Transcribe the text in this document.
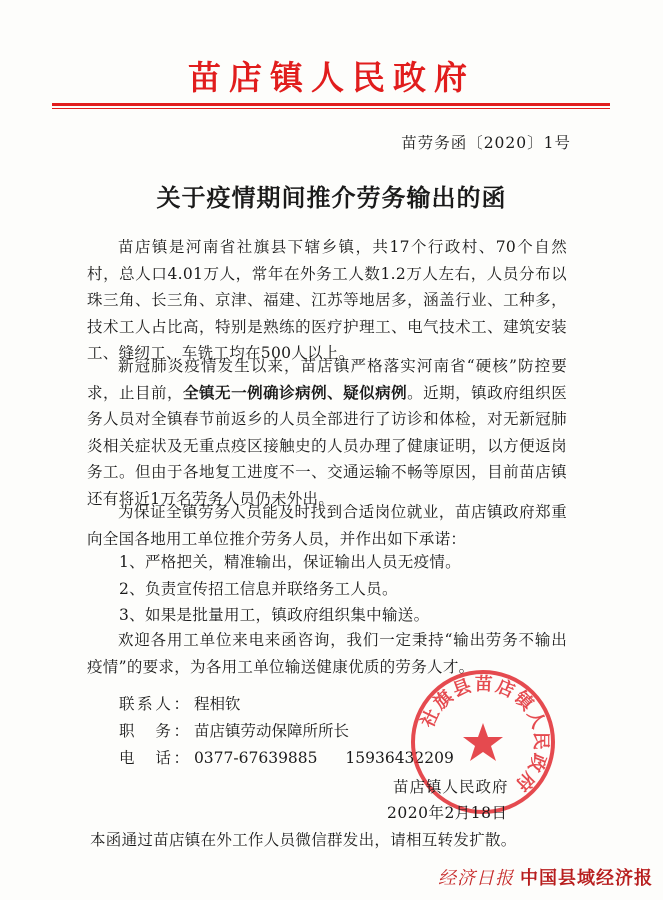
苗店镇人民政府
苗劳务函〔2020〕1号
关于疫情期间推介劳务输出的函

苗店镇是河南省社旗县下辖乡镇，共17个行政村、70个自然村，总人口4.01万人，常年在外务工人数1.2万人左右，人员分布以珠三角、长三角、京津、福建、江苏等地居多，涵盖行业、工种多，技术工人占比高，特别是熟练的医疗护理工、电气技术工、建筑安装工、缝纫工、车铣工均在500人以上。

新冠肺炎疫情发生以来，苗店镇严格落实河南省“硬核”防控要求，止目前，全镇无一例确诊病例、疑似病例。近期，镇政府组织医务人员对全镇春节前返乡的人员全部进行了访诊和体检，对无新冠肺炎相关症状及无重点疫区接触史的人员办理了健康证明，以方便返岗务工。但由于各地复工进度不一、交通运输不畅等原因，目前苗店镇还有将近1万名劳务人员仍未外出。

为保证全镇劳务人员能及时找到合适岗位就业，苗店镇政府郑重向全国各地用工单位推介劳务人员，并作出如下承诺：

1、严格把关，精准输出，保证输出人员无疫情。

2、负责宣传招工信息并联络务工人员。

3、如果是批量用工，镇政府组织集中输送。

欢迎各用工单位来电来函咨询，我们一定秉持“输出劳务不输出疫情”的要求，为各用工单位输送健康优质的劳务人才。

联系人： 程相钦
职　务： 苗店镇劳动保障所所长
电　话： 0377-67639885 15936432209
社旗县苗店镇人民政府
苗店镇人民政府
2020年2月18日
本函通过苗店镇在外工作人员微信群发出，请相互转发扩散。
经济日报 中国县域经济报
